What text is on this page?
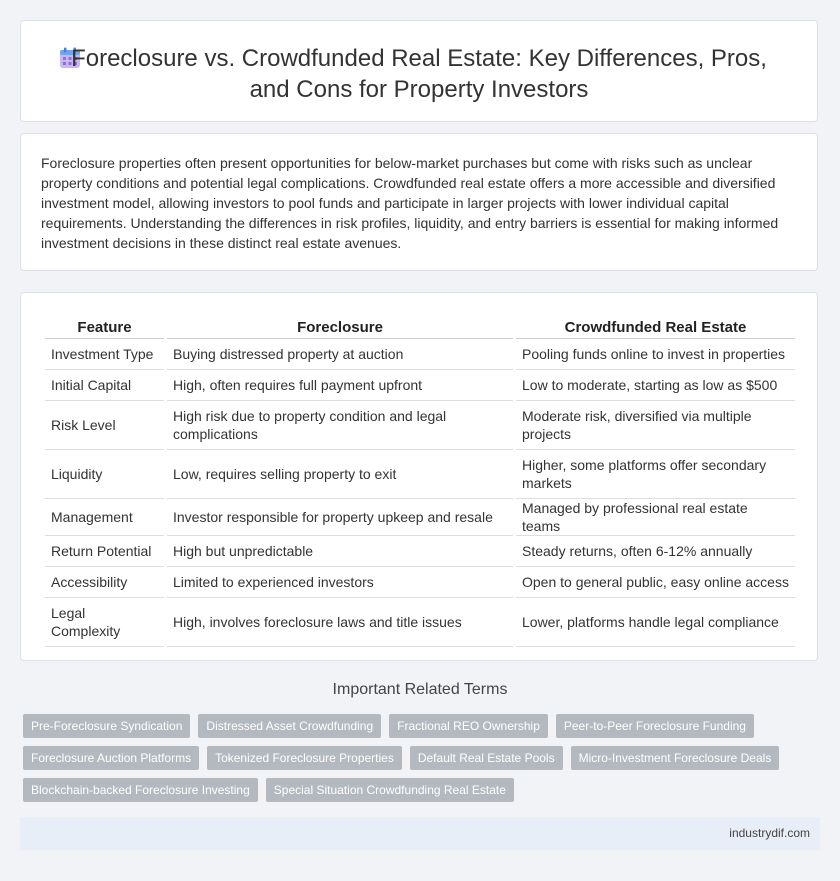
Foreclosure vs. Crowdfunded Real Estate: Key Differences, Pros, and Cons for Property Investors

Foreclosure properties often present opportunities for below-market purchases but come with risks such as unclear property conditions and potential legal complications. Crowdfunded real estate offers a more accessible and diversified investment model, allowing investors to pool funds and participate in larger projects with lower individual capital requirements. Understanding the differences in risk profiles, liquidity, and entry barriers is essential for making informed investment decisions in these distinct real estate avenues.

Feature	Foreclosure	Crowdfunded Real Estate
Investment Type	Buying distressed property at auction	Pooling funds online to invest in properties
Initial Capital	High, often requires full payment upfront	Low to moderate, starting as low as $500
Risk Level	High risk due to property condition and legal complications	Moderate risk, diversified via multiple projects
Liquidity	Low, requires selling property to exit	Higher, some platforms offer secondary markets
Management	Investor responsible for property upkeep and resale	Managed by professional real estate teams
Return Potential	High but unpredictable	Steady returns, often 6-12% annually
Accessibility	Limited to experienced investors	Open to general public, easy online access
Legal Complexity	High, involves foreclosure laws and title issues	Lower, platforms handle legal compliance
Important Related Terms
Pre-Foreclosure Syndication	Distressed Asset Crowdfunding	Fractional REO Ownership	Peer-to-Peer Foreclosure Funding
Foreclosure Auction Platforms	Tokenized Foreclosure Properties	Default Real Estate Pools	Micro-Investment Foreclosure Deals
Blockchain-backed Foreclosure Investing	Special Situation Crowdfunding Real Estate
industrydif.com
